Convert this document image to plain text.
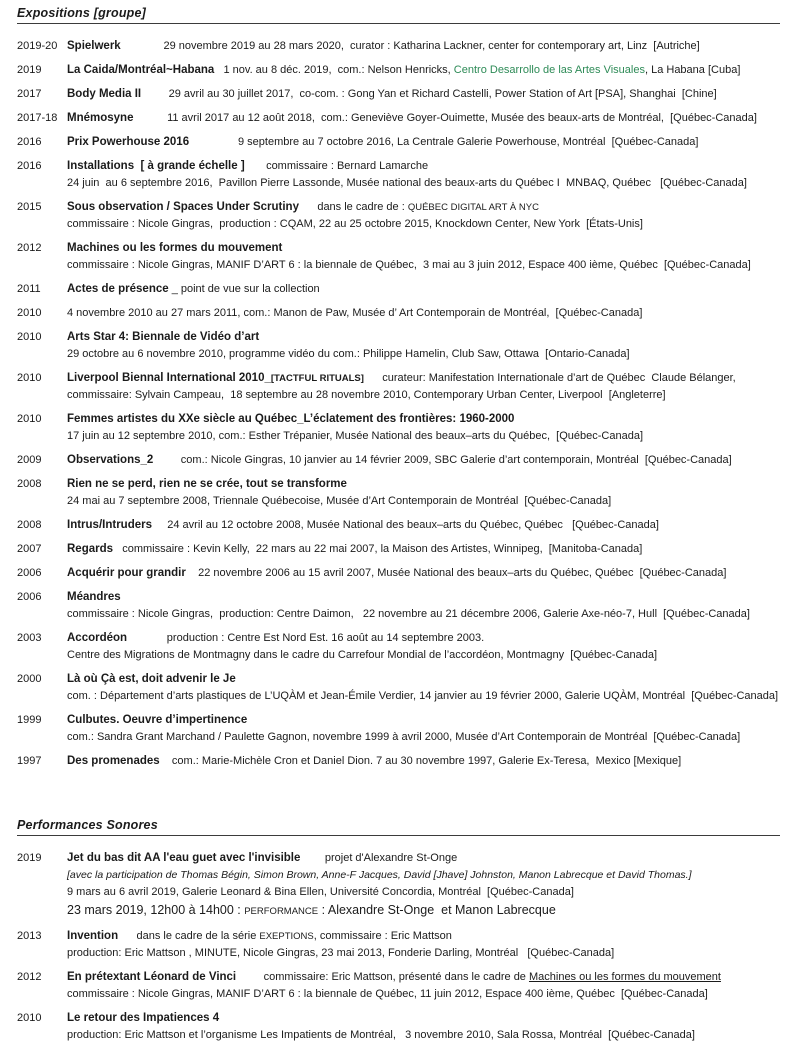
Expositions [groupe]
2019-20 Spielwerk              29 novembre 2019 au 28 mars 2020,  curator : Katharina Lackner, center for contemporary art, Linz  [Autriche]
2019	La Caida/Montréal~Habana   1 nov. au 8 déc. 2019,  com.: Nelson Henricks, Centro Desarrollo de las Artes Visuales, La Habana [Cuba]
2017	Body Media II         29 avril au 30 juillet 2017,  co-com. : Gong Yan et Richard Castelli, Power Station of Art [PSA], Shanghai  [Chine]
2017-18 Mnémosyne           11 avril 2017 au 12 août 2018,  com.: Geneviève Goyer-Ouimette, Musée des beaux-arts de Montréal,  [Québec-Canada]
2016	Prix Powerhouse 2016                9 septembre au 7 octobre 2016, La Centrale Galerie Powerhouse, Montréal  [Québec-Canada]
2016	Installations  [ à grande échelle ]       commissaire : Bernard Lamarche
24 juin  au 6 septembre 2016,  Pavillon Pierre Lassonde, Musée national des beaux-arts du Québec I  MNBAQ, Québec   [Québec-Canada]
2015	Sous observation / Spaces Under Scrutiny      dans le cadre de : QUÉBEC DIGITAL ART À NYC
commissaire : Nicole Gingras,  production : CQAM, 22 au 25 octobre 2015, Knockdown Center, New York  [États-Unis]
2012	Machines ou les formes du mouvement
commissaire : Nicole Gingras, MANIF D’ART 6 : la biennale de Québec,  3 mai au 3 juin 2012, Espace 400 ième, Québec  [Québec-Canada]
2011	Actes de présence _ point de vue sur la collection
2010	4 novembre 2010 au 27 mars 2011, com.: Manon de Paw, Musée d’ Art Contemporain de Montréal,  [Québec-Canada]
2010	Arts Star 4: Biennale de Vidéo d’art
29 octobre au 6 novembre 2010, programme vidéo du com.: Philippe Hamelin, Club Saw, Ottawa  [Ontario-Canada]
2010	Liverpool Biennal International 2010_[TACTFUL RITUALS]      curateur: Manifestation Internationale d’art de Québec  Claude Bélanger,
commissaire: Sylvain Campeau,  18 septembre au 28 novembre 2010, Contemporary Urban Center, Liverpool  [Angleterre]
2010	Femmes artistes du XXe siècle au Québec_L’éclatement des frontières: 1960-2000
17 juin au 12 septembre 2010, com.: Esther Trépanier, Musée National des beaux–arts du Québec,  [Québec-Canada]
2009	Observations_2         com.: Nicole Gingras, 10 janvier au 14 février 2009, SBC Galerie d’art contemporain, Montréal  [Québec-Canada]
2008	Rien ne se perd, rien ne se crée, tout se transforme
24 mai au 7 septembre 2008, Triennale Québecoise, Musée d’Art Contemporain de Montréal  [Québec-Canada]
2008	Intrus/Intruders     24 avril au 12 octobre 2008, Musée National des beaux–arts du Québec, Québec   [Québec-Canada]
2007	Regards   commissaire : Kevin Kelly,  22 mars au 22 mai 2007, la Maison des Artistes, Winnipeg,  [Manitoba-Canada]
2006	Acquérir pour grandir    22 novembre 2006 au 15 avril 2007, Musée National des beaux–arts du Québec, Québec  [Québec-Canada]
2006	Méandres
commissaire : Nicole Gingras,  production: Centre Daimon,   22 novembre au 21 décembre 2006, Galerie Axe-néo-7, Hull  [Québec-Canada]
2003	Accordéon             production : Centre Est Nord Est. 16 août au 14 septembre 2003.
Centre des Migrations de Montmagny dans le cadre du Carrefour Mondial de l’accordéon, Montmagny  [Québec-Canada]
2000	Là où Çà est, doit advenir le Je
com. : Département d’arts plastiques de L’UQÀM et Jean-Émile Verdier, 14 janvier au 19 février 2000, Galerie UQÀM, Montréal  [Québec-Canada]
1999	Culbutes. Oeuvre d’impertinence
com.: Sandra Grant Marchand / Paulette Gagnon, novembre 1999 à avril 2000, Musée d’Art Contemporain de Montréal  [Québec-Canada]
1997	Des promenades    com.: Marie-Michèle Cron et Daniel Dion. 7 au 30 novembre 1997, Galerie Ex-Teresa,  Mexico [Mexique]
Performances Sonores
2019	Jet du bas dit AA l'eau guet avec l'invisible        projet d'Alexandre St-Onge
[avec la participation de Thomas Bégin, Simon Brown, Anne-F Jacques, David [Jhave] Johnston, Manon Labrecque et David Thomas.]
9 mars au 6 avril 2019, Galerie Leonard & Bina Ellen, Université Concordia, Montréal  [Québec-Canada]
23 mars 2019, 12h00 à 14h00 : PERFORMANCE : Alexandre St-Onge  et Manon Labrecque
2013	Invention      dans le cadre de la série EXEPTIONS, commissaire : Eric Mattson
production: Eric Mattson , MINUTE, Nicole Gingras, 23 mai 2013, Fonderie Darling, Montréal   [Québec-Canada]
2012	En prétextant Léonard de Vinci         commissaire: Eric Mattson, présenté dans le cadre de Machines ou les formes du mouvement
commissaire : Nicole Gingras, MANIF D’ART 6 : la biennale de Québec, 11 juin 2012, Espace 400 ième, Québec  [Québec-Canada]
2010	Le retour des Impatiences 4
production: Eric Mattson et l’organisme Les Impatients de Montréal,   3 novembre 2010, Sala Rossa, Montréal  [Québec-Canada]
